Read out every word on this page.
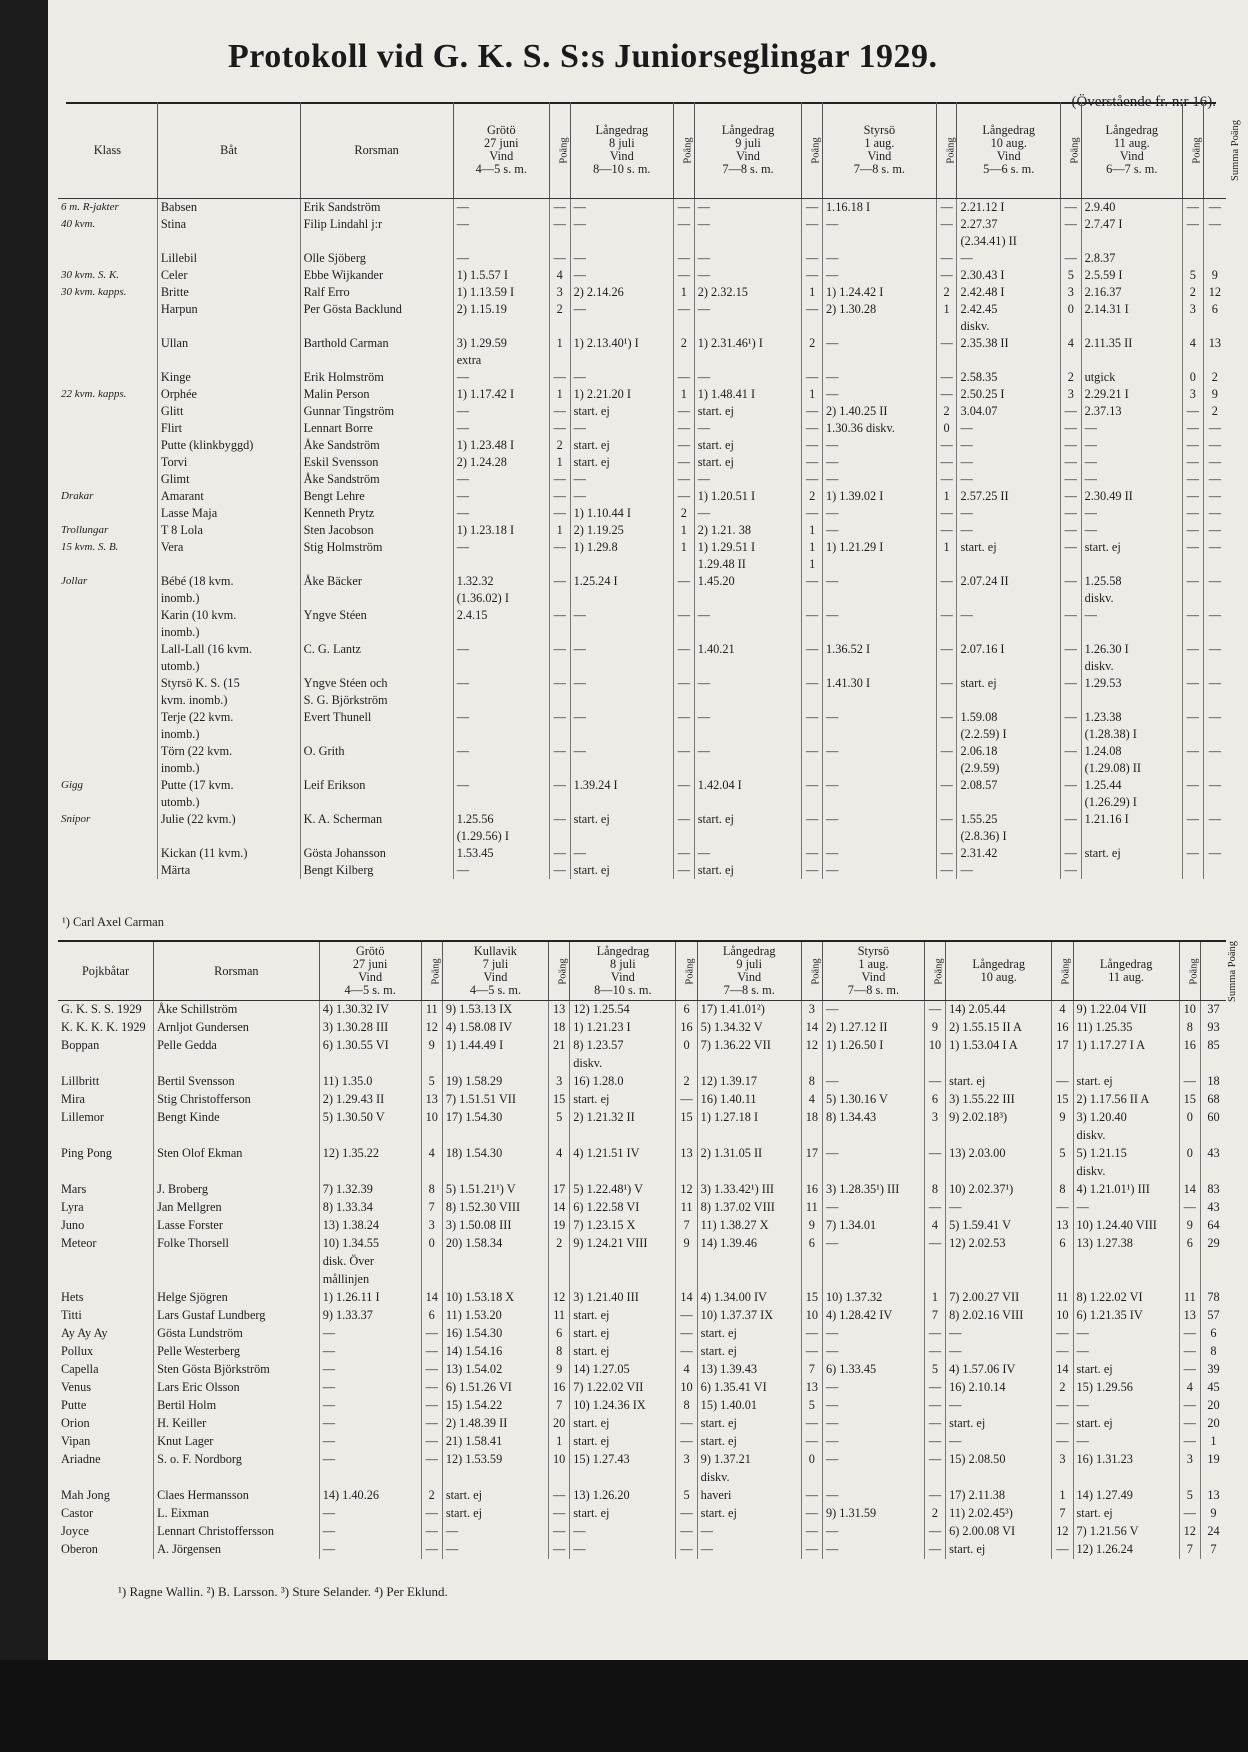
Protokoll vid G. K. S. S:s Juniorseglingar 1929.
(Överstående fr. n:r 16).
Klass	Båt	Rorsman	Grötö
27 juni
Vind
4—5 s. m.	Poäng	Långedrag
8 juli
Vind
8—10 s. m.	Poäng	Långedrag
9 juli
Vind
7—8 s. m.	Poäng	Styrsö
1 aug.
Vind
7—8 s. m.	Poäng	Långedrag
10 aug.
Vind
5—6 s. m.	Poäng	Långedrag
11 aug.
Vind
6—7 s. m.	Poäng	Summa Poäng
6 m. R-jakter	Babsen	Erik Sandström	—	—	—	—	—	—	1.16.18 I	—	2.21.12 I	—	2.9.40	—	—
40 kvm.	Stina	Filip Lindahl j:r	—	—	—	—	—	—	—	—	2.27.37	—	2.7.47 I	—	—
											(2.34.41) II				
	Lillebil	Olle Sjöberg	—	—	—	—	—	—	—	—	—	—	2.8.37		
30 kvm. S. K.	Celer	Ebbe Wijkander	1) 1.5.57 I	4	—	—	—	—	—	—	2.30.43 I	5	2.5.59 I	5	9
30 kvm. kapps.	Britte	Ralf Erro	1) 1.13.59 I	3	2) 2.14.26	1	2) 2.32.15	1	1) 1.24.42 I	2	2.42.48 I	3	2.16.37	2	12
	Harpun	Per Gösta Backlund	2) 1.15.19	2	—	—	—	—	2) 1.30.28	1	2.42.45	0	2.14.31 I	3	6
											diskv.				
	Ullan	Barthold Carman	3) 1.29.59	1	1) 2.13.40¹) I	2	1) 2.31.46¹) I	2	—	—	2.35.38 II	4	2.11.35 II	4	13
			extra												
	Kinge	Erik Holmström	—	—	—	—	—	—	—	—	2.58.35	2	utgick	0	2
22 kvm. kapps.	Orphée	Malin Person	1) 1.17.42 I	1	1) 2.21.20 I	1	1) 1.48.41 I	1	—	—	2.50.25 I	3	2.29.21 I	3	9
	Glitt	Gunnar Tingström	—	—	start. ej	—	start. ej	—	2) 1.40.25 II	2	3.04.07	—	2.37.13	—	2
	Flirt	Lennart Borre	—	—	—	—	—	—	1.30.36 diskv.	0	—	—	—	—	—
	Putte (klinkbyggd)	Åke Sandström	1) 1.23.48 I	2	start. ej	—	start. ej	—	—	—	—	—	—	—	—
	Torvi	Eskil Svensson	2) 1.24.28	1	start. ej	—	start. ej	—	—	—	—	—	—	—	—
	Glimt	Åke Sandström	—	—	—	—	—	—	—	—	—	—	—	—	—
Drakar	Amarant	Bengt Lehre	—	—	—	—	1) 1.20.51 I	2	1) 1.39.02 I	1	2.57.25 II	—	2.30.49 II	—	—
	Lasse Maja	Kenneth Prytz	—	—	1) 1.10.44 I	2	—	—	—	—	—	—	—	—	—
Trollungar	T 8 Lola	Sten Jacobson	1) 1.23.18 I	1	2) 1.19.25	1	2) 1.21. 38	1	—	—	—	—	—	—	—
15 kvm. S. B.	Vera	Stig Holmström	—	—	1) 1.29.8	1	1) 1.29.51 I	1	1) 1.21.29 I	1	start. ej	—	start. ej	—	—
							1.29.48 II	1							
Jollar	Bébé (18 kvm.	Åke Bäcker	1.32.32	—	1.25.24 I	—	1.45.20	—	—	—	2.07.24 II	—	1.25.58	—	—
	inomb.)		(1.36.02) I										diskv.		
	Karin (10 kvm.	Yngve Stéen	2.4.15	—	—	—	—	—	—	—	—	—	—	—	—
	inomb.)														
	Lall-Lall (16 kvm.	C. G. Lantz	—	—	—	—	1.40.21	—	1.36.52 I	—	2.07.16 I	—	1.26.30 I	—	—
	utomb.)												diskv.		
	Styrsö K. S. (15	Yngve Stéen och	—	—	—	—	—	—	1.41.30 I	—	start. ej	—	1.29.53	—	—
	kvm. inomb.)	S. G. Björkström													
	Terje (22 kvm.	Evert Thunell	—	—	—	—	—	—	—	—	1.59.08	—	1.23.38	—	—
	inomb.)										(2.2.59) I		(1.28.38) I		
	Törn (22 kvm.	O. Grith	—	—	—	—	—	—	—	—	2.06.18	—	1.24.08	—	—
	inomb.)										(2.9.59)		(1.29.08) II		
Gigg	Putte (17 kvm.	Leif Erikson	—	—	1.39.24 I	—	1.42.04 I	—	—	—	2.08.57	—	1.25.44	—	—
	utomb.)												(1.26.29) I		
Snipor	Julie (22 kvm.)	K. A. Scherman	1.25.56	—	start. ej	—	start. ej	—	—	—	1.55.25	—	1.21.16 I	—	—
			(1.29.56) I								(2.8.36) I				
	Kickan (11 kvm.)	Gösta Johansson	1.53.45	—	—	—	—	—	—	—	2.31.42	—	start. ej	—	—
	Märta	Bengt Kilberg	—	—	start. ej	—	start. ej	—	—	—	—	—			
¹) Carl Axel Carman
Pojkbåtar	Rorsman	Grötö
27 juni
Vind
4—5 s. m.	Poäng	Kullavik
7 juli
Vind
4—5 s. m.	Poäng	Långedrag
8 juli
Vind
8—10 s. m.	Poäng	Långedrag
9 juli
Vind
7—8 s. m.	Poäng	Styrsö
1 aug.
Vind
7—8 s. m.	Poäng	Långedrag
10 aug.	Poäng	Långedrag
11 aug.	Poäng	Summa Poäng
G. K. S. S. 1929	Åke Schillström	4) 1.30.32 IV	11	9) 1.53.13 IX	13	12) 1.25.54	6	17) 1.41.01²)	3	—	—	14) 2.05.44	4	9) 1.22.04 VII	10	37
K. K. K. K. 1929	Arnljot Gundersen	3) 1.30.28 III	12	4) 1.58.08 IV	18	1) 1.21.23 I	16	5) 1.34.32 V	14	2) 1.27.12 II	9	2) 1.55.15 II A	16	11) 1.25.35	8	93
Boppan	Pelle Gedda	6) 1.30.55 VI	9	1) 1.44.49 I	21	8) 1.23.57	0	7) 1.36.22 VII	12	1) 1.26.50 I	10	1) 1.53.04 I A	17	1) 1.17.27 I A	16	85
						diskv.										
Lillbritt	Bertil Svensson	11) 1.35.0	5	19) 1.58.29	3	16) 1.28.0	2	12) 1.39.17	8	—	—	start. ej	—	start. ej	—	18
Mira	Stig Christofferson	2) 1.29.43 II	13	7) 1.51.51 VII	15	start. ej	—	16) 1.40.11	4	5) 1.30.16 V	6	3) 1.55.22 III	15	2) 1.17.56 II A	15	68
Lillemor	Bengt Kinde	5) 1.30.50 V	10	17) 1.54.30	5	2) 1.21.32 II	15	1) 1.27.18 I	18	8) 1.34.43	3	9) 2.02.18³)	9	3) 1.20.40	0	60
														diskv.		
Ping Pong	Sten Olof Ekman	12) 1.35.22	4	18) 1.54.30	4	4) 1.21.51 IV	13	2) 1.31.05 II	17	—	—	13) 2.03.00	5	5) 1.21.15	0	43
														diskv.		
Mars	J. Broberg	7) 1.32.39	8	5) 1.51.21¹) V	17	5) 1.22.48¹) V	12	3) 1.33.42¹) III	16	3) 1.28.35¹) III	8	10) 2.02.37¹)	8	4) 1.21.01¹) III	14	83
Lyra	Jan Mellgren	8) 1.33.34	7	8) 1.52.30 VIII	14	6) 1.22.58 VI	11	8) 1.37.02 VIII	11	—	—	—	—	—	—	43
Juno	Lasse Forster	13) 1.38.24	3	3) 1.50.08 III	19	7) 1.23.15 X	7	11) 1.38.27 X	9	7) 1.34.01	4	5) 1.59.41 V	13	10) 1.24.40 VIII	9	64
Meteor	Folke Thorsell	10) 1.34.55	0	20) 1.58.34	2	9) 1.24.21 VIII	9	14) 1.39.46	6	—	—	12) 2.02.53	6	13) 1.27.38	6	29
		disk. Över														
		mållinjen														
Hets	Helge Sjögren	1) 1.26.11 I	14	10) 1.53.18 X	12	3) 1.21.40 III	14	4) 1.34.00 IV	15	10) 1.37.32	1	7) 2.00.27 VII	11	8) 1.22.02 VI	11	78
Titti	Lars Gustaf Lundberg	9) 1.33.37	6	11) 1.53.20	11	start. ej	—	10) 1.37.37 IX	10	4) 1.28.42 IV	7	8) 2.02.16 VIII	10	6) 1.21.35 IV	13	57
Ay Ay Ay	Gösta Lundström	—	—	16) 1.54.30	6	start. ej	—	start. ej	—	—	—	—	—	—	—	6
Pollux	Pelle Westerberg	—	—	14) 1.54.16	8	start. ej	—	start. ej	—	—	—	—	—	—	—	8
Capella	Sten Gösta Björkström	—	—	13) 1.54.02	9	14) 1.27.05	4	13) 1.39.43	7	6) 1.33.45	5	4) 1.57.06 IV	14	start. ej	—	39
Venus	Lars Eric Olsson	—	—	6) 1.51.26 VI	16	7) 1.22.02 VII	10	6) 1.35.41 VI	13	—	—	16) 2.10.14	2	15) 1.29.56	4	45
Putte	Bertil Holm	—	—	15) 1.54.22	7	10) 1.24.36 IX	8	15) 1.40.01	5	—	—	—	—	—	—	20
Orion	H. Keiller	—	—	2) 1.48.39 II	20	start. ej	—	start. ej	—	—	—	start. ej	—	start. ej	—	20
Vipan	Knut Lager	—	—	21) 1.58.41	1	start. ej	—	start. ej	—	—	—	—	—	—	—	1
Ariadne	S. o. F. Nordborg	—	—	12) 1.53.59	10	15) 1.27.43	3	9) 1.37.21	0	—	—	15) 2.08.50	3	16) 1.31.23	3	19
								diskv.								
Mah Jong	Claes Hermansson	14) 1.40.26	2	start. ej	—	13) 1.26.20	5	haveri	—	—	—	17) 2.11.38	1	14) 1.27.49	5	13
Castor	L. Eixman	—	—	start. ej	—	start. ej	—	start. ej	—	9) 1.31.59	2	11) 2.02.45³)	7	start. ej	—	9
Joyce	Lennart Christoffersson	—	—	—	—	—	—	—	—	—	—	6) 2.00.08 VI	12	7) 1.21.56 V	12	24
Oberon	A. Jörgensen	—	—	—	—	—	—	—	—	—	—	start. ej	—	12) 1.26.24	7	7
¹) Ragne Wallin. ²) B. Larsson. ³) Sture Selander. ⁴) Per Eklund.
